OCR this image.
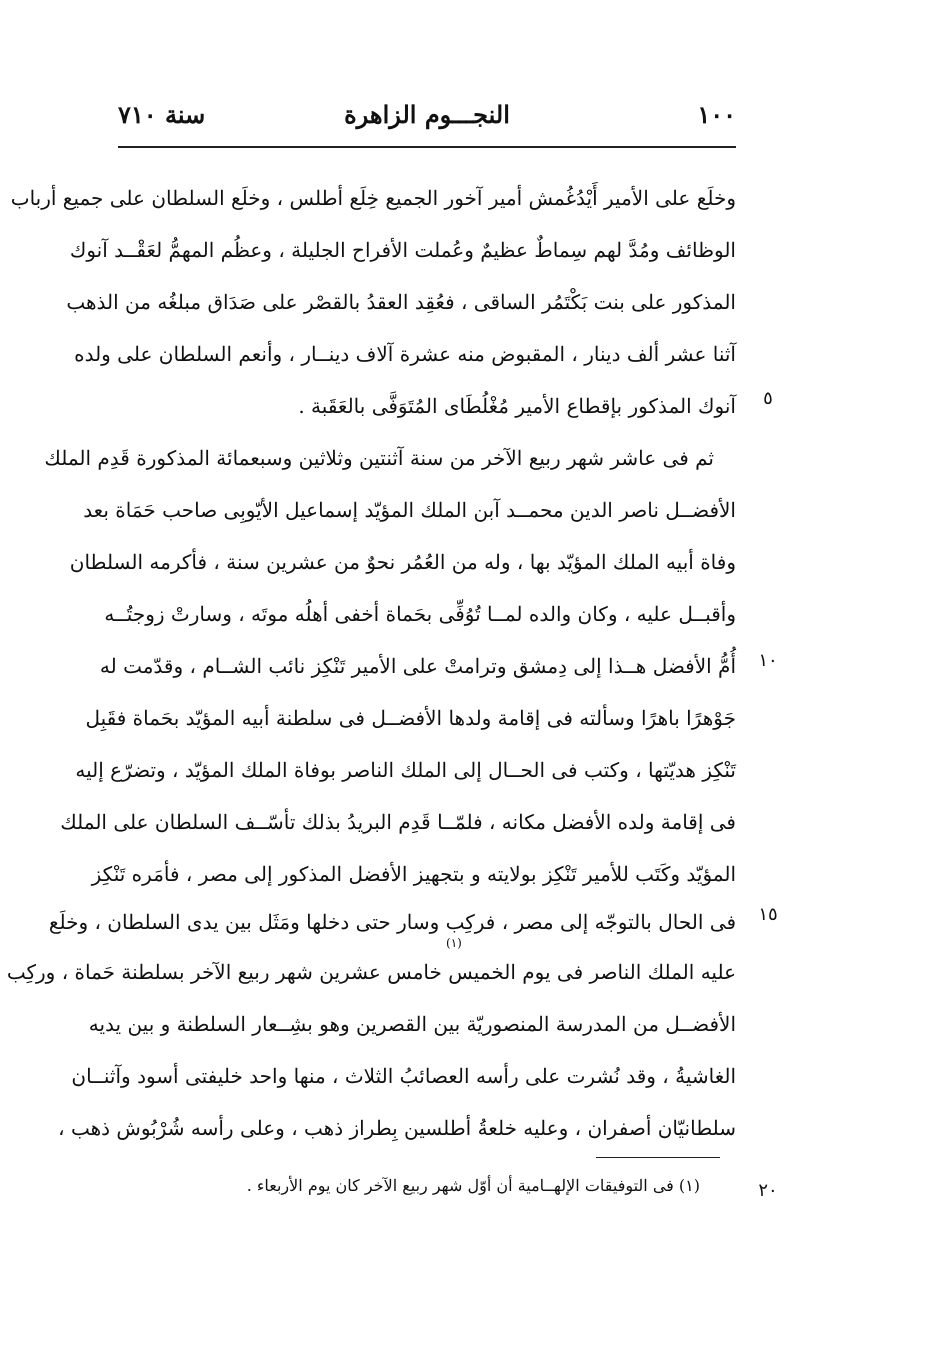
١٠٠
النجـــوم الزاهرة
سنة ٧١٠
وخلَع على الأمير أَيْدُغُمش أمير آخور الجميع خِلَع أطلس ، وخلَع السلطان على جميع أرباب
الوظائف ومُدَّ لهم سِماطٌ عظيمٌ وعُملت الأفراح الجليلة ، وعظُم المهمُّ لعَقْــد آنوك
المذكور على بنت بَكْتَمُر الساقى ، فعُقِد العقدُ بالقصْر على صَدَاق مبلغُه من الذهب
آثنا عشر ألف دينار ، المقبوض منه عشرة آلاف دينــار ، وأنعم السلطان على ولده
آنوك المذكور بإقطاع الأمير مُغْلُطَاى المُتَوَفَّى بالعَقَبة .	٥
ثم فى عاشر شهر ربيع الآخر من سنة آثنتين وثلاثين وسبعمائة المذكورة قَدِم الملك
الأفضــل ناصر الدين محمــد آبن الملك المؤيّد إسماعيل الأيّوبِى صاحب حَمَاة بعد
وفاة أبيه الملك المؤيّد بها ، وله من العُمُر نحوٌ من عشرين سنة ، فأكرمه السلطان
وأقبــل عليه ، وكان والده لمــا تُوُفِّى بحَماة أخفى أهلُه موتَه ، وسارتْ زوجتُــه
أُمُّ الأفضل هــذا إلى دِمشق وترامتْ على الأمير تَنْكِز نائب الشــام ، وقدّمت له	١٠
جَوْهرًا باهرًا وسألته فى إقامة ولدها الأفضــل فى سلطنة أبيه المؤيّد بحَماة فقَبِل
تَنْكِز هديّتها ، وكتب فى الحــال إلى الملك الناصر بوفاة الملك المؤيّد ، وتضرّع إليه
فى إقامة ولده الأفضل مكانه ، فلمّــا قَدِم البريدُ بذلك تأسّــف السلطان على الملك
المؤيّد وكَتَب للأمير تَنْكِز بولايته و بتجهيز الأفضل المذكور إلى مصر ، فأمَره تَنْكِز
فى الحال بالتوجّه إلى مصر ، فركِب وسار حتى دخلها ومَثَل بين يدى السلطان ، وخلَع	١٥
(١)
عليه الملك الناصر فى يوم الخميس خامس عشرين شهر ربيع الآخر بسلطنة حَماة ، وركِب
الأفضــل من المدرسة المنصوريّة بين القصرين وهو بشِــعار السلطنة و بين يديه
الغاشيةُ ، وقد نُشرت على رأسه العصائبُ الثلاث ، منها واحد خليفتى أسود وآثنــان
سلطانيّان أصفران ، وعليه خلعةُ أطلسين بِطراز ذهب ، وعلى رأسه شُرْبُوش ذهب ،
(١) فى التوفيقات الإلهــامية أن أوّل شهر ربيع الآخر كان يوم الأربعاء .	٢٠
